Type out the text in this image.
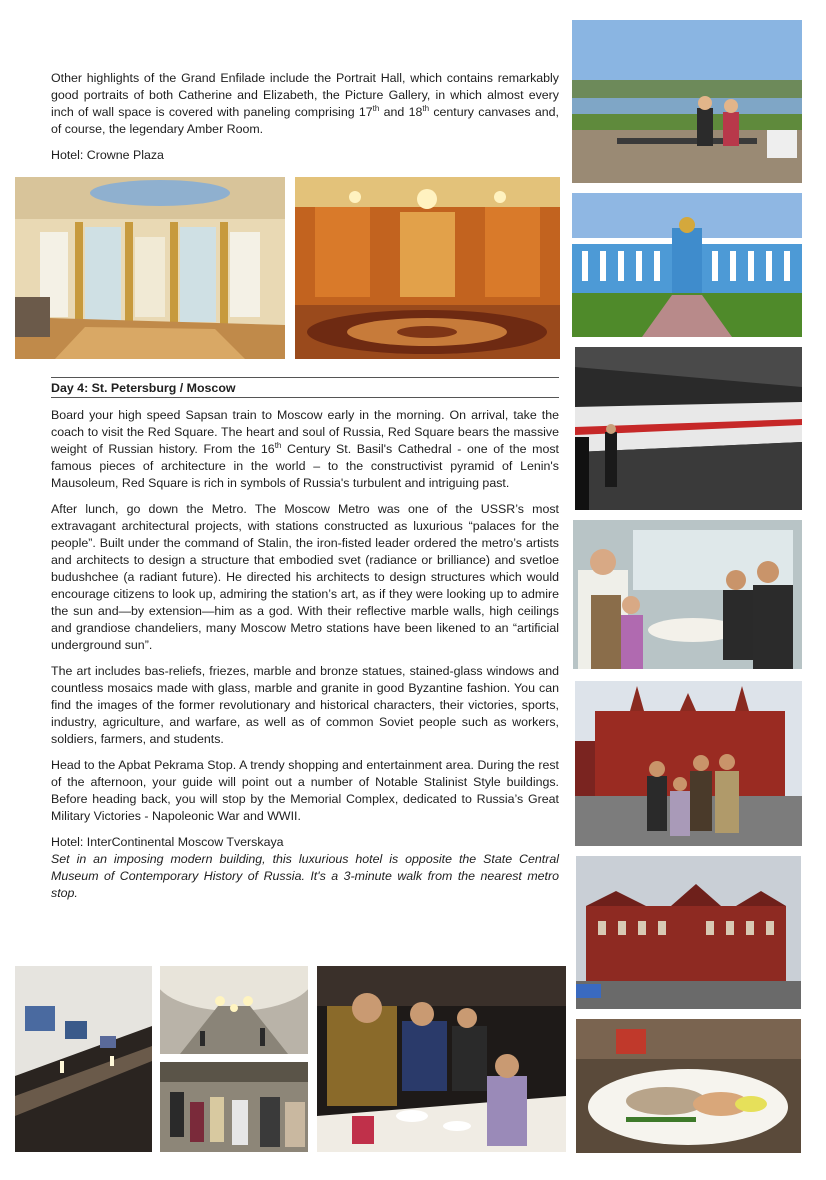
Other highlights of the Grand Enfilade include the Portrait Hall, which contains remarkably good portraits of both Catherine and Elizabeth, the Picture Gallery, in which almost every inch of wall space is covered with paneling comprising 17th and 18th century canvases and, of course, the legendary Amber Room.

Hotel: Crowne Plaza

Day 4: St. Petersburg / Moscow

Board your high speed Sapsan train to Moscow early in the morning. On arrival, take the coach to visit the Red Square. The heart and soul of Russia, Red Square bears the massive weight of Russian history. From the 16th Century St. Basil's Cathedral - one of the most famous pieces of architecture in the world – to the constructivist pyramid of Lenin's Mausoleum, Red Square is rich in symbols of Russia's turbulent and intriguing past.

After lunch, go down the Metro. The Moscow Metro was one of the USSR’s most extravagant architectural projects, with stations constructed as luxurious “palaces for the people”. Built under the command of Stalin, the iron-fisted leader ordered the metro’s artists and architects to design a structure that embodied svet (radiance or brilliance) and svetloe budushchee (a radiant future). He directed his architects to design structures which would encourage citizens to look up, admiring the station’s art, as if they were looking up to admire the sun and—by extension—him as a god. With their reflective marble walls, high ceilings and grandiose chandeliers, many Moscow Metro stations have been likened to an “artificial underground sun”.

The art includes bas-reliefs, friezes, marble and bronze statues, stained-glass windows and countless mosaics made with glass, marble and granite in good Byzantine fashion. You can find the images of the former revolutionary and historical characters, their victories, sports, industry, agriculture, and warfare, as well as of common Soviet people such as workers, soldiers, farmers, and students.

Head to the Apbat Pekrama Stop. A trendy shopping and entertainment area. During the rest of the afternoon, your guide will point out a number of Notable Stalinist Style buildings. Before heading back, you will stop by the Memorial Complex, dedicated to Russia’s Great Military Victories - Napoleonic War and WWII.

Hotel: InterContinental Moscow Tverskaya

Set in an imposing modern building, this luxurious hotel is opposite the State Central Museum of Contemporary History of Russia. It's a 3-minute walk from the nearest metro stop.
